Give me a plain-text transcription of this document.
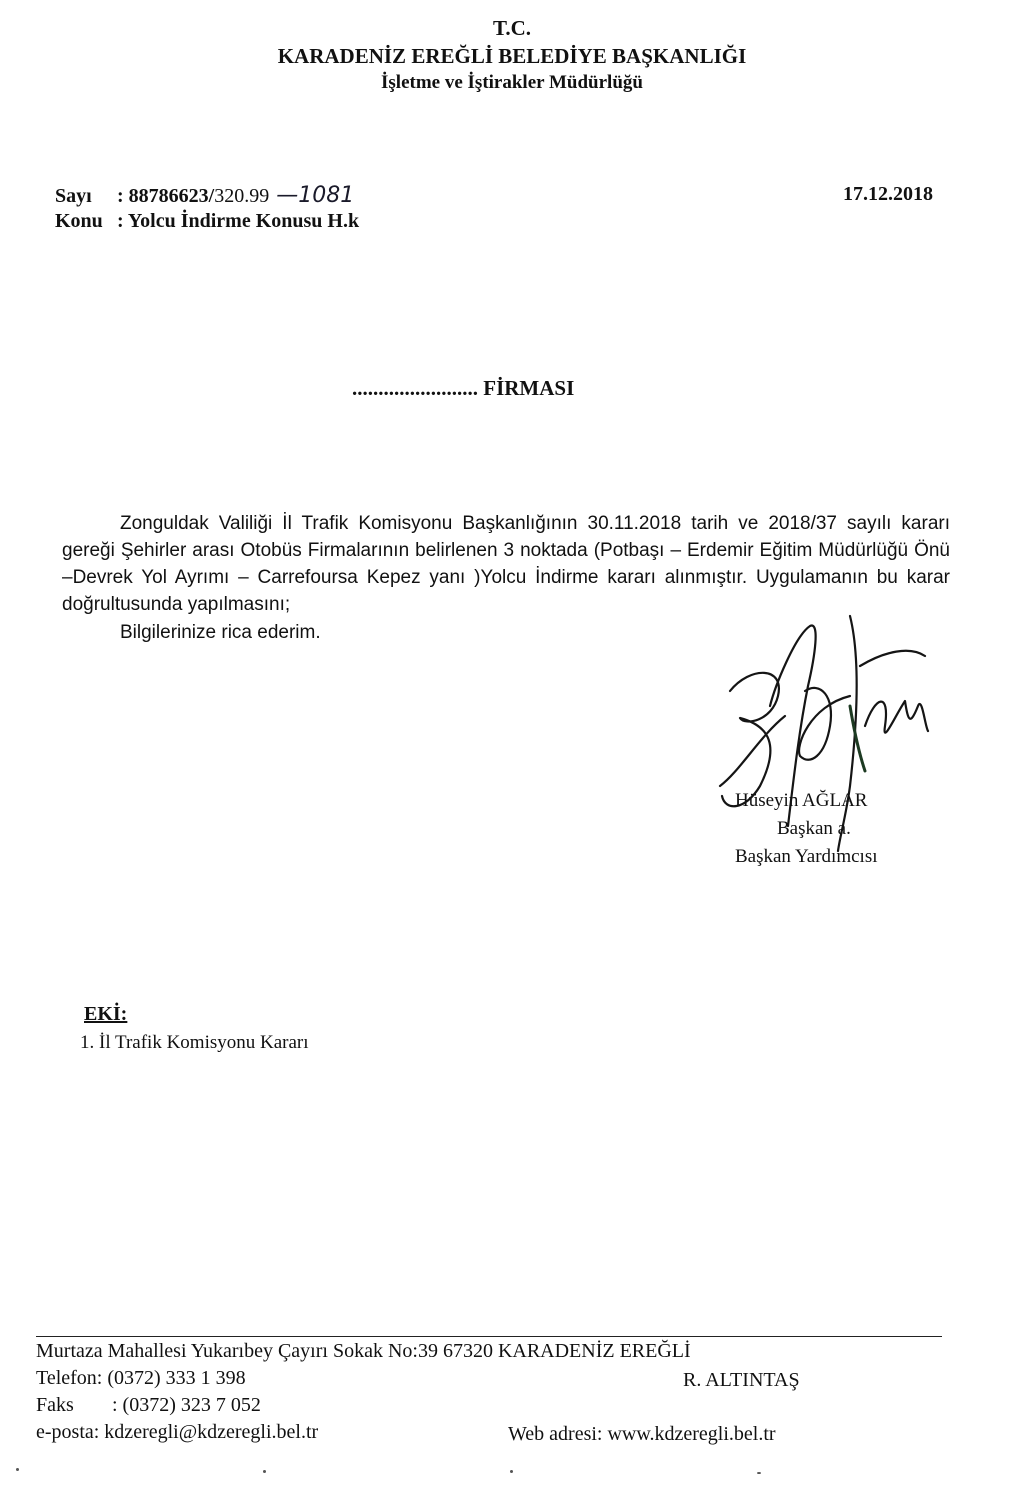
T.C.
KARADENİZ EREĞLİ BELEDİYE BAŞKANLIĞI
İşletme ve İştirakler Müdürlüğü
Sayı : 88786623/320.99 —1081
Konu : Yolcu İndirme Konusu H.k
17.12.2018
........................ FİRMASI
Zonguldak Valiliği İl Trafik Komisyonu Başkanlığının 30.11.2018 tarih ve 2018/37 sayılı kararı gereği Şehirler arası Otobüs Firmalarının belirlenen 3 noktada (Potbaşı – Erdemir Eğitim Müdürlüğü Önü –Devrek Yol Ayrımı – Carrefoursa Kepez yanı )Yolcu İndirme kararı alınmıştır. Uygulamanın bu karar doğrultusunda yapılmasını;
Bilgilerinize rica ederim.
Hüseyin AĞLAR
Başkan a.
Başkan Yardımcısı
EKİ:
1. İl Trafik Komisyonu Kararı
Murtaza Mahallesi Yukarıbey Çayırı Sokak No:39 67320 KARADENİZ EREĞLİ
Telefon: (0372) 333 1 398
Faks : (0372) 323 7 052
e-posta: kdzeregli@kdzeregli.bel.tr
R. ALTINTAŞ
Web adresi: www.kdzeregli.bel.tr
